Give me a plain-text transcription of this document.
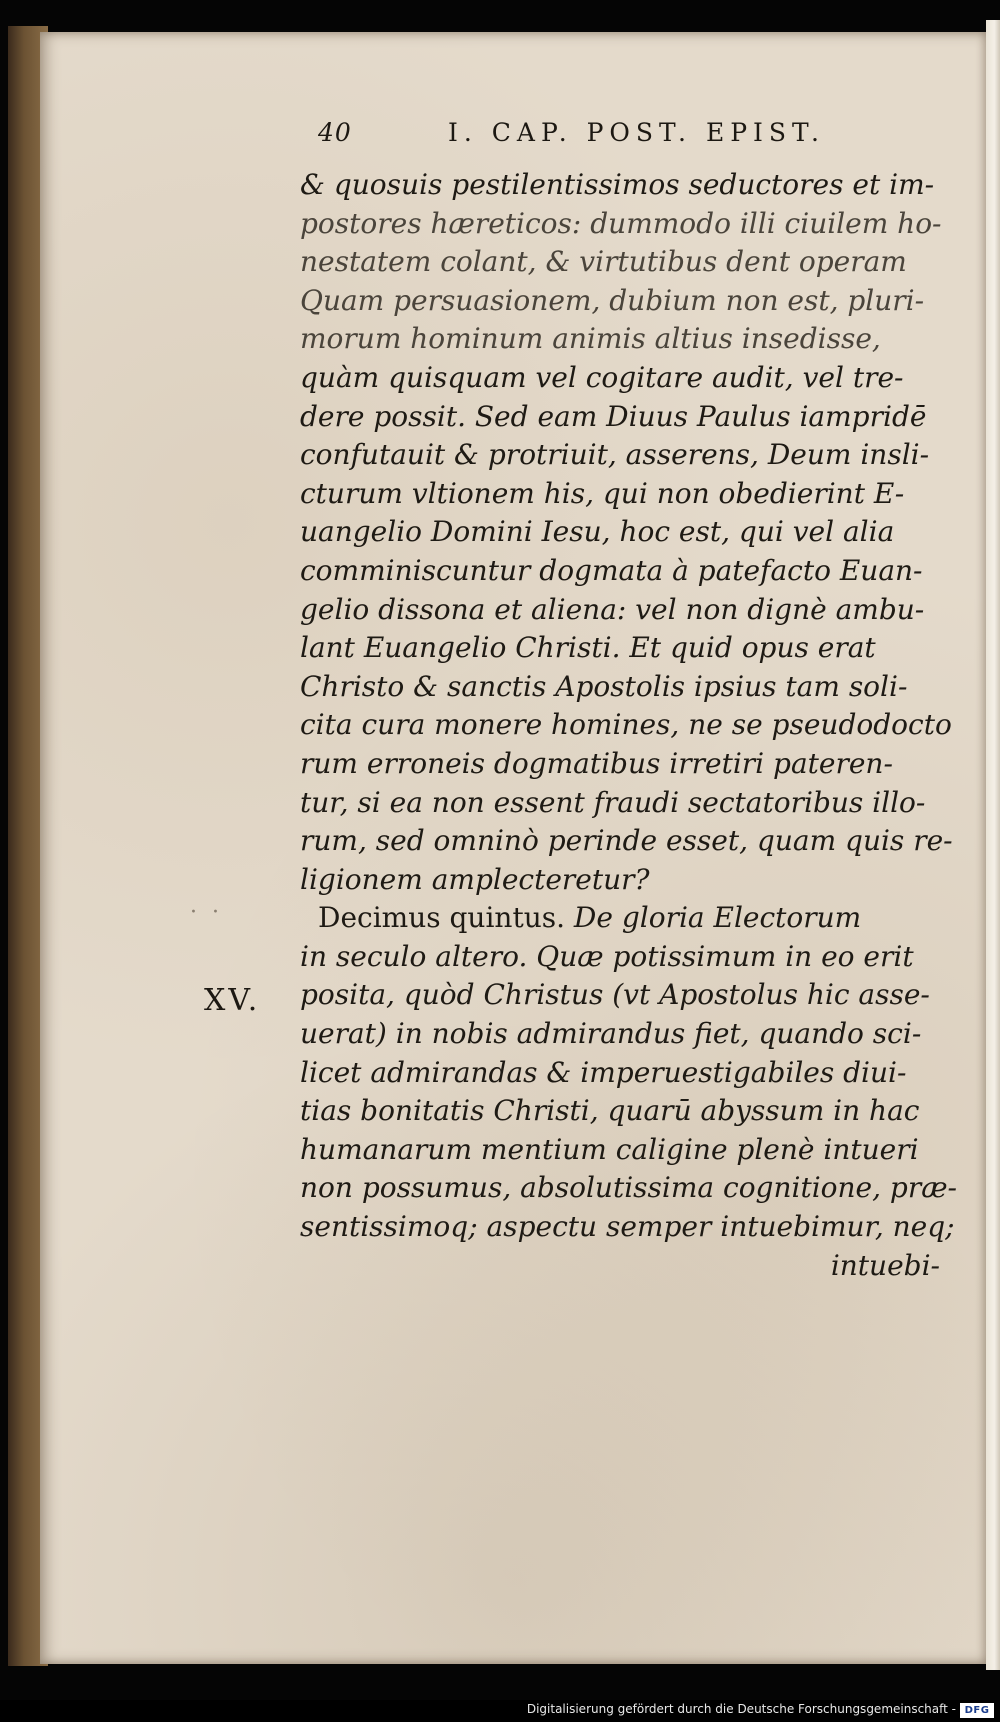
40	I. CAP. POST. EPIST.
& quosuis pestilentissimos seductores et im-
postores hæreticos: dummodo illi ciuilem ho-
nestatem colant, & virtutibus dent operam
Quam persuasionem, dubium non est, pluri-
morum hominum animis altius insedisse,
quàm quisquam vel cogitare audit, vel tre-
dere possit. Sed eam Diuus Paulus iampridē
confutauit & protriuit, asserens, Deum insli-
cturum vltionem his, qui non obedierint E-
uangelio Domini Iesu, hoc est, qui vel alia
comminiscuntur dogmata à patefacto Euan-
gelio dissona et aliena: vel non dignè ambu-
lant Euangelio Christi. Et quid opus erat
Christo & sanctis Apostolis ipsius tam soli-
cita cura monere homines, ne se pseudodocto
rum erroneis dogmatibus irretiri pateren-
tur, si ea non essent fraudi sectatoribus illo-
rum, sed omninò perinde esset, quam quis re-
ligionem amplecteretur?
Decimus quintus. De gloria Electorum
in seculo altero. Quæ potissimum in eo erit
posita, quòd Christus (vt Apostolus hic asse-
uerat) in nobis admirandus fiet, quando sci-
licet admirandas & imperuestigabiles diui-
tias bonitatis Christi, quarū abyssum in hac
humanarum mentium caligine plenè intueri
non possumus, absolutissima cognitione, præ-
sentissimoq; aspectu semper intuebimur, neq;
intuebi-
XV.
· ·
Digitalisierung gefördert durch die Deutsche Forschungsgemeinschaft - DFG
